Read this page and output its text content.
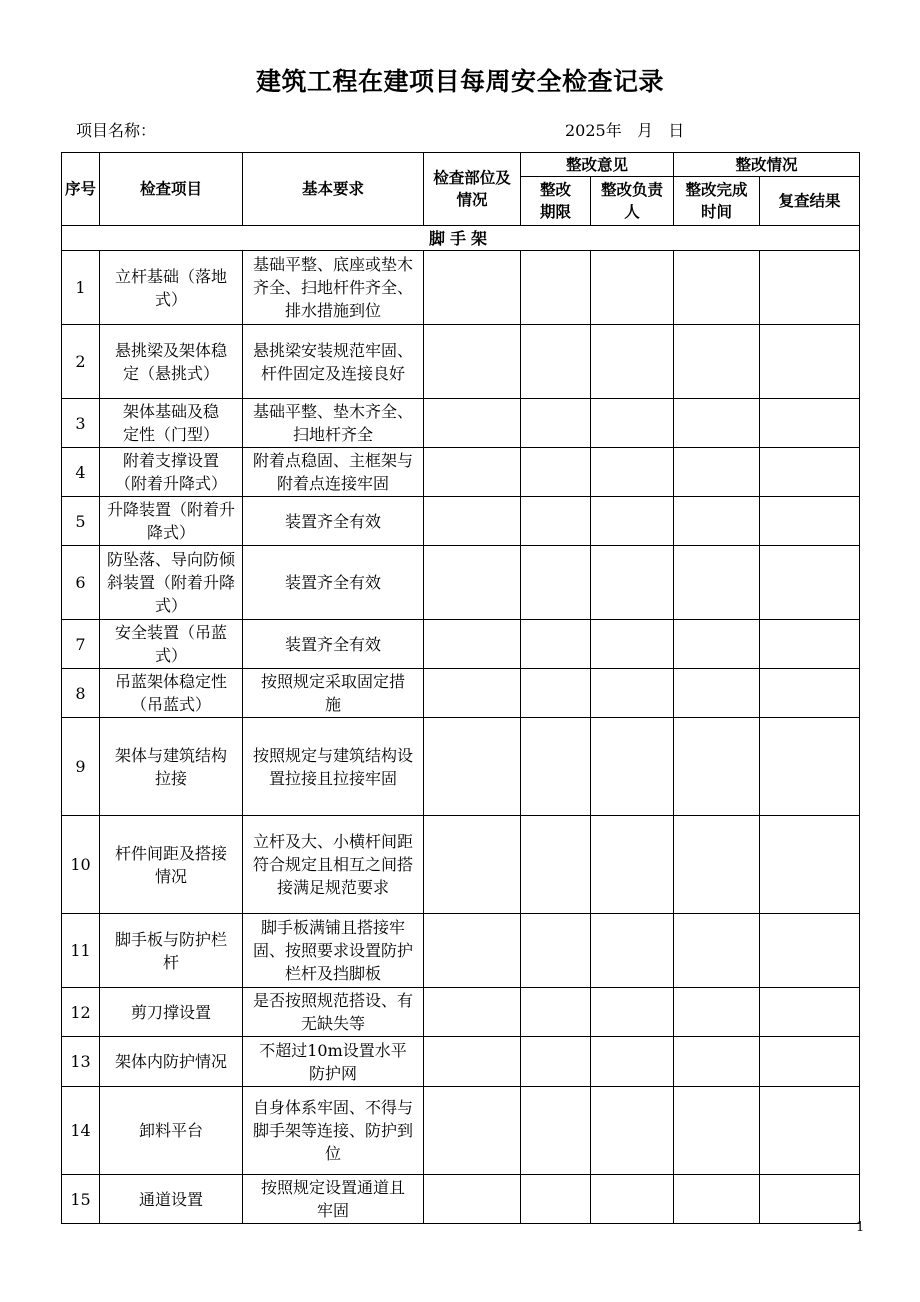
建筑工程在建项目每周安全检查记录
项目名称：	2025年   月   日
序号	检查项目	基本要求	检查部位及情况	整改意见		整改情况	
				整改期限	整改负责人	整改完成时间	复查结果
脚手架							
1	立杆基础（落地式）	基础平整、底座或垫木齐全、扫地杆件齐全、排水措施到位					
2	悬挑梁及架体稳定（悬挑式）	悬挑梁安装规范牢固、杆件固定及连接良好					
3	架体基础及稳定性（门型）	基础平整、垫木齐全、扫地杆齐全					
4	附着支撑设置（附着升降式）	附着点稳固、主框架与附着点连接牢固					
5	升降装置（附着升降式）	装置齐全有效					
6	防坠落、导向防倾斜装置（附着升降式）	装置齐全有效					
7	安全装置（吊蓝式）	装置齐全有效					
8	吊蓝架体稳定性（吊蓝式）	按照规定采取固定措施					
9	架体与建筑结构拉接	按照规定与建筑结构设置拉接且拉接牢固					
10	杆件间距及搭接情况	立杆及大、小横杆间距符合规定且相互之间搭接满足规范要求					
11	脚手板与防护栏杆	脚手板满铺且搭接牢固、按照要求设置防护栏杆及挡脚板					
12	剪刀撑设置	是否按照规范搭设、有无缺失等					
13	架体内防护情况	不超过10m设置水平防护网					
14	卸料平台	自身体系牢固、不得与脚手架等连接、防护到位					
15	通道设置	按照规定设置通道且牢固					
1
